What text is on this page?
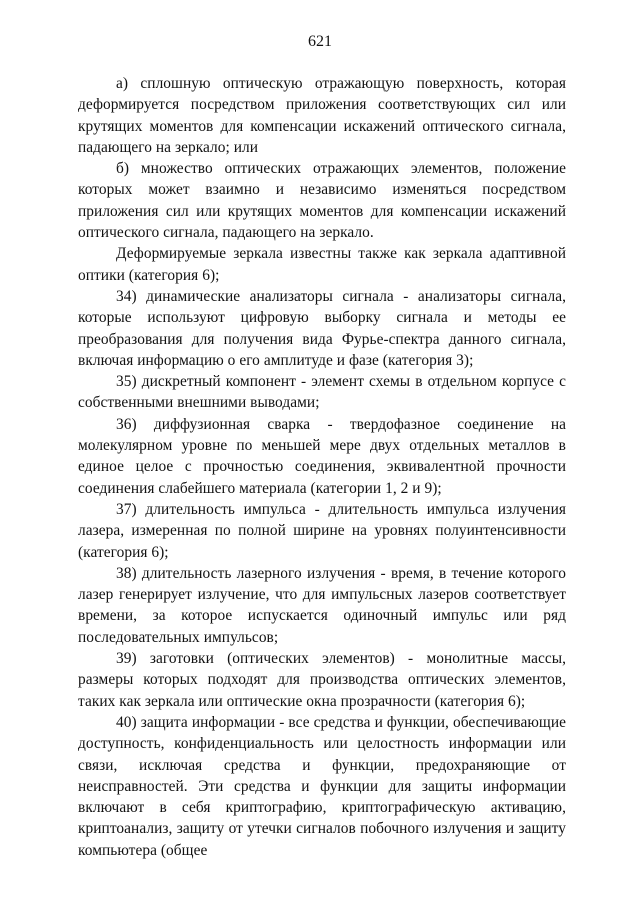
621

а) сплошную оптическую отражающую поверхность, которая деформируется посредством приложения соответствующих сил или крутящих моментов для компенсации искажений оптического сигнала, падающего на зеркало; или

б) множество оптических отражающих элементов, положение которых может взаимно и независимо изменяться посредством приложения сил или крутящих моментов для компенсации искажений оптического сигнала, падающего на зеркало.

Деформируемые зеркала известны также как зеркала адаптивной оптики (категория 6);

34) динамические анализаторы сигнала - анализаторы сигнала, которые используют цифровую выборку сигнала и методы ее преобразования для получения вида Фурье-спектра данного сигнала, включая информацию о его амплитуде и фазе (категория 3);

35) дискретный компонент - элемент схемы в отдельном корпусе с собственными внешними выводами;

36) диффузионная сварка - твердофазное соединение на молекулярном уровне по меньшей мере двух отдельных металлов в единое целое с прочностью соединения, эквивалентной прочности соединения слабейшего материала (категории 1, 2 и 9);

37) длительность импульса - длительность импульса излучения лазера, измеренная по полной ширине на уровнях полуинтенсивности (категория 6);

38) длительность лазерного излучения - время, в течение которого лазер генерирует излучение, что для импульсных лазеров соответствует времени, за которое испускается одиночный импульс или ряд последовательных импульсов;

39) заготовки (оптических элементов) - монолитные массы, размеры которых подходят для производства оптических элементов, таких как зеркала или оптические окна прозрачности (категория 6);

40) защита информации - все средства и функции, обеспечивающие доступность, конфиденциальность или целостность информации или связи, исключая средства и функции, предохраняющие от неисправностей. Эти средства и функции для защиты информации включают в себя криптографию, криптографическую активацию, криптоанализ, защиту от утечки сигналов побочного излучения и защиту компьютера (общее
